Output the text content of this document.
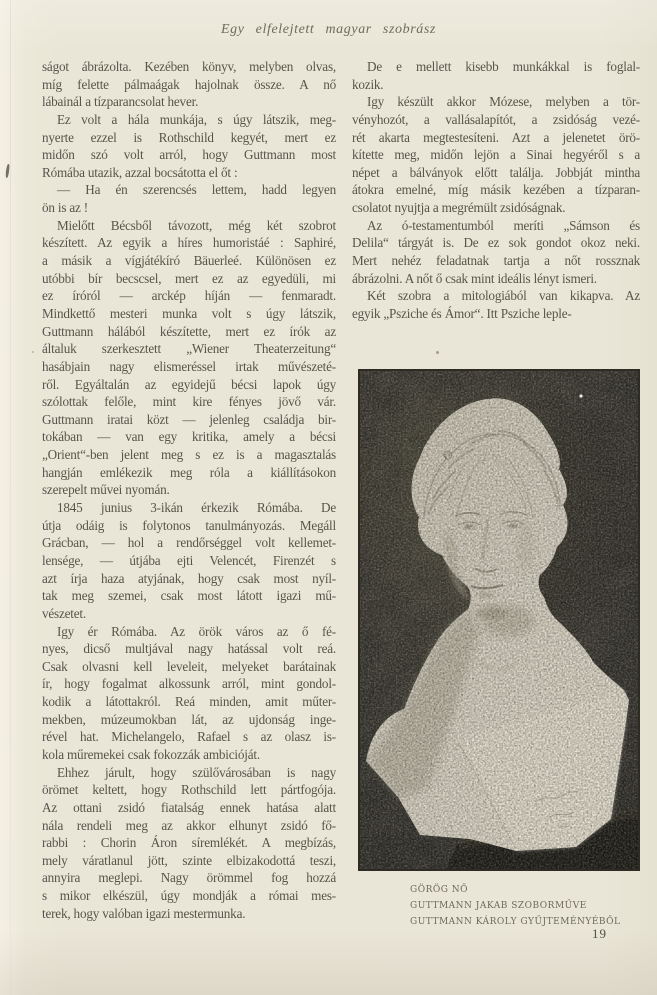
Egy elfelejtett magyar szobrász
ságot ábrázolta. Kezében könyv, melyben olvas,
míg felette pálmaágak hajolnak össze. A nő
lábainál a tízparancsolat hever.
Ez volt a hála munkája, s úgy látszik, meg-
nyerte ezzel is Rothschild kegyét, mert ez
midőn szó volt arról, hogy Guttmann most
Rómába utazik, azzal bocsátotta el őt :
— Ha én szerencsés lettem, hadd legyen
ön is az !
Mielőtt Bécsből távozott, még két szobrot
készített. Az egyik a híres humoristáé : Saphiré,
a másik a vígjátékíró Bäuerleé. Különösen ez
utóbbi bír becscsel, mert ez az egyedüli, mi
ez íróról — arckép híján — fenmaradt.
Mindkettő mesteri munka volt s úgy látszik,
Guttmann hálából készítette, mert ez írók az
általuk szerkesztett „Wiener Theaterzeitung“
hasábjain nagy elismeréssel irtak művészeté-
ről. Egyáltalán az egyidejű bécsi lapok úgy
szólottak felőle, mint kire fényes jövő vár.
Guttmann iratai közt — jelenleg családja bir-
tokában — van egy kritika, amely a bécsi
„Orient“-ben jelent meg s ez is a magasztalás
hangján emlékezik meg róla a kiállításokon
szerepelt művei nyomán.
1845 junius 3-ikán érkezik Rómába. De
útja odáig is folytonos tanulmányozás. Megáll
Grácban, — hol a rendőrséggel volt kellemet-
lensége, — útjába ejti Velencét, Firenzét s
azt írja haza atyjának, hogy csak most nyíl-
tak meg szemei, csak most látott igazi mű-
vészetet.
Igy ér Rómába. Az örök város az ő fé-
nyes, dicső multjával nagy hatással volt reá.
Csak olvasni kell leveleit, melyeket barátainak
ír, hogy fogalmat alkossunk arról, mint gondol-
kodik a látottakról. Reá minden, amit műter-
mekben, múzeumokban lát, az ujdonság inge-
rével hat. Michelangelo, Rafael s az olasz is-
kola műremekei csak fokozzák ambicióját.
Ehhez járult, hogy szülővárosában is nagy
örömet keltett, hogy Rothschild lett pártfogója.
Az ottani zsidó fiatalság ennek hatása alatt
nála rendeli meg az akkor elhunyt zsidó fő-
rabbi : Chorin Áron síremlékét. A megbízás,
mely váratlanul jött, szinte elbizakodottá teszi,
annyira meglepi. Nagy örömmel fog hozzá
s mikor elkészül, úgy mondják a római mes-
terek, hogy valóban igazi mestermunka.
De e mellett kisebb munkákkal is foglal-
kozik.
Igy készült akkor Mózese, melyben a tör-
vényhozót, a vallásalapítót, a zsidóság vezé-
rét akarta megtestesíteni. Azt a jelenetet örö-
kítette meg, midőn lejön a Sinai hegyéről s a
népet a bálványok előtt találja. Jobbját mintha
átokra emelné, míg másik kezében a tízparan-
csolatot nyujtja a megrémült zsidóságnak.
Az ó-testamentumból meríti „Sámson és
Delila“ tárgyát is. De ez sok gondot okoz neki.
Mert nehéz feladatnak tartja a nőt rossznak
ábrázolni. A nőt ő csak mint ideális lényt ismeri.
Két szobra a mitologiából van kikapva. Az
egyik „Psziche és Ámor“. Itt Psziche leple-
GÖRÖG NŐ
GUTTMANN JAKAB SZOBORMŰVE
GUTTMANN KÁROLY GYŰJTEMÉNYÉBŐL
19
